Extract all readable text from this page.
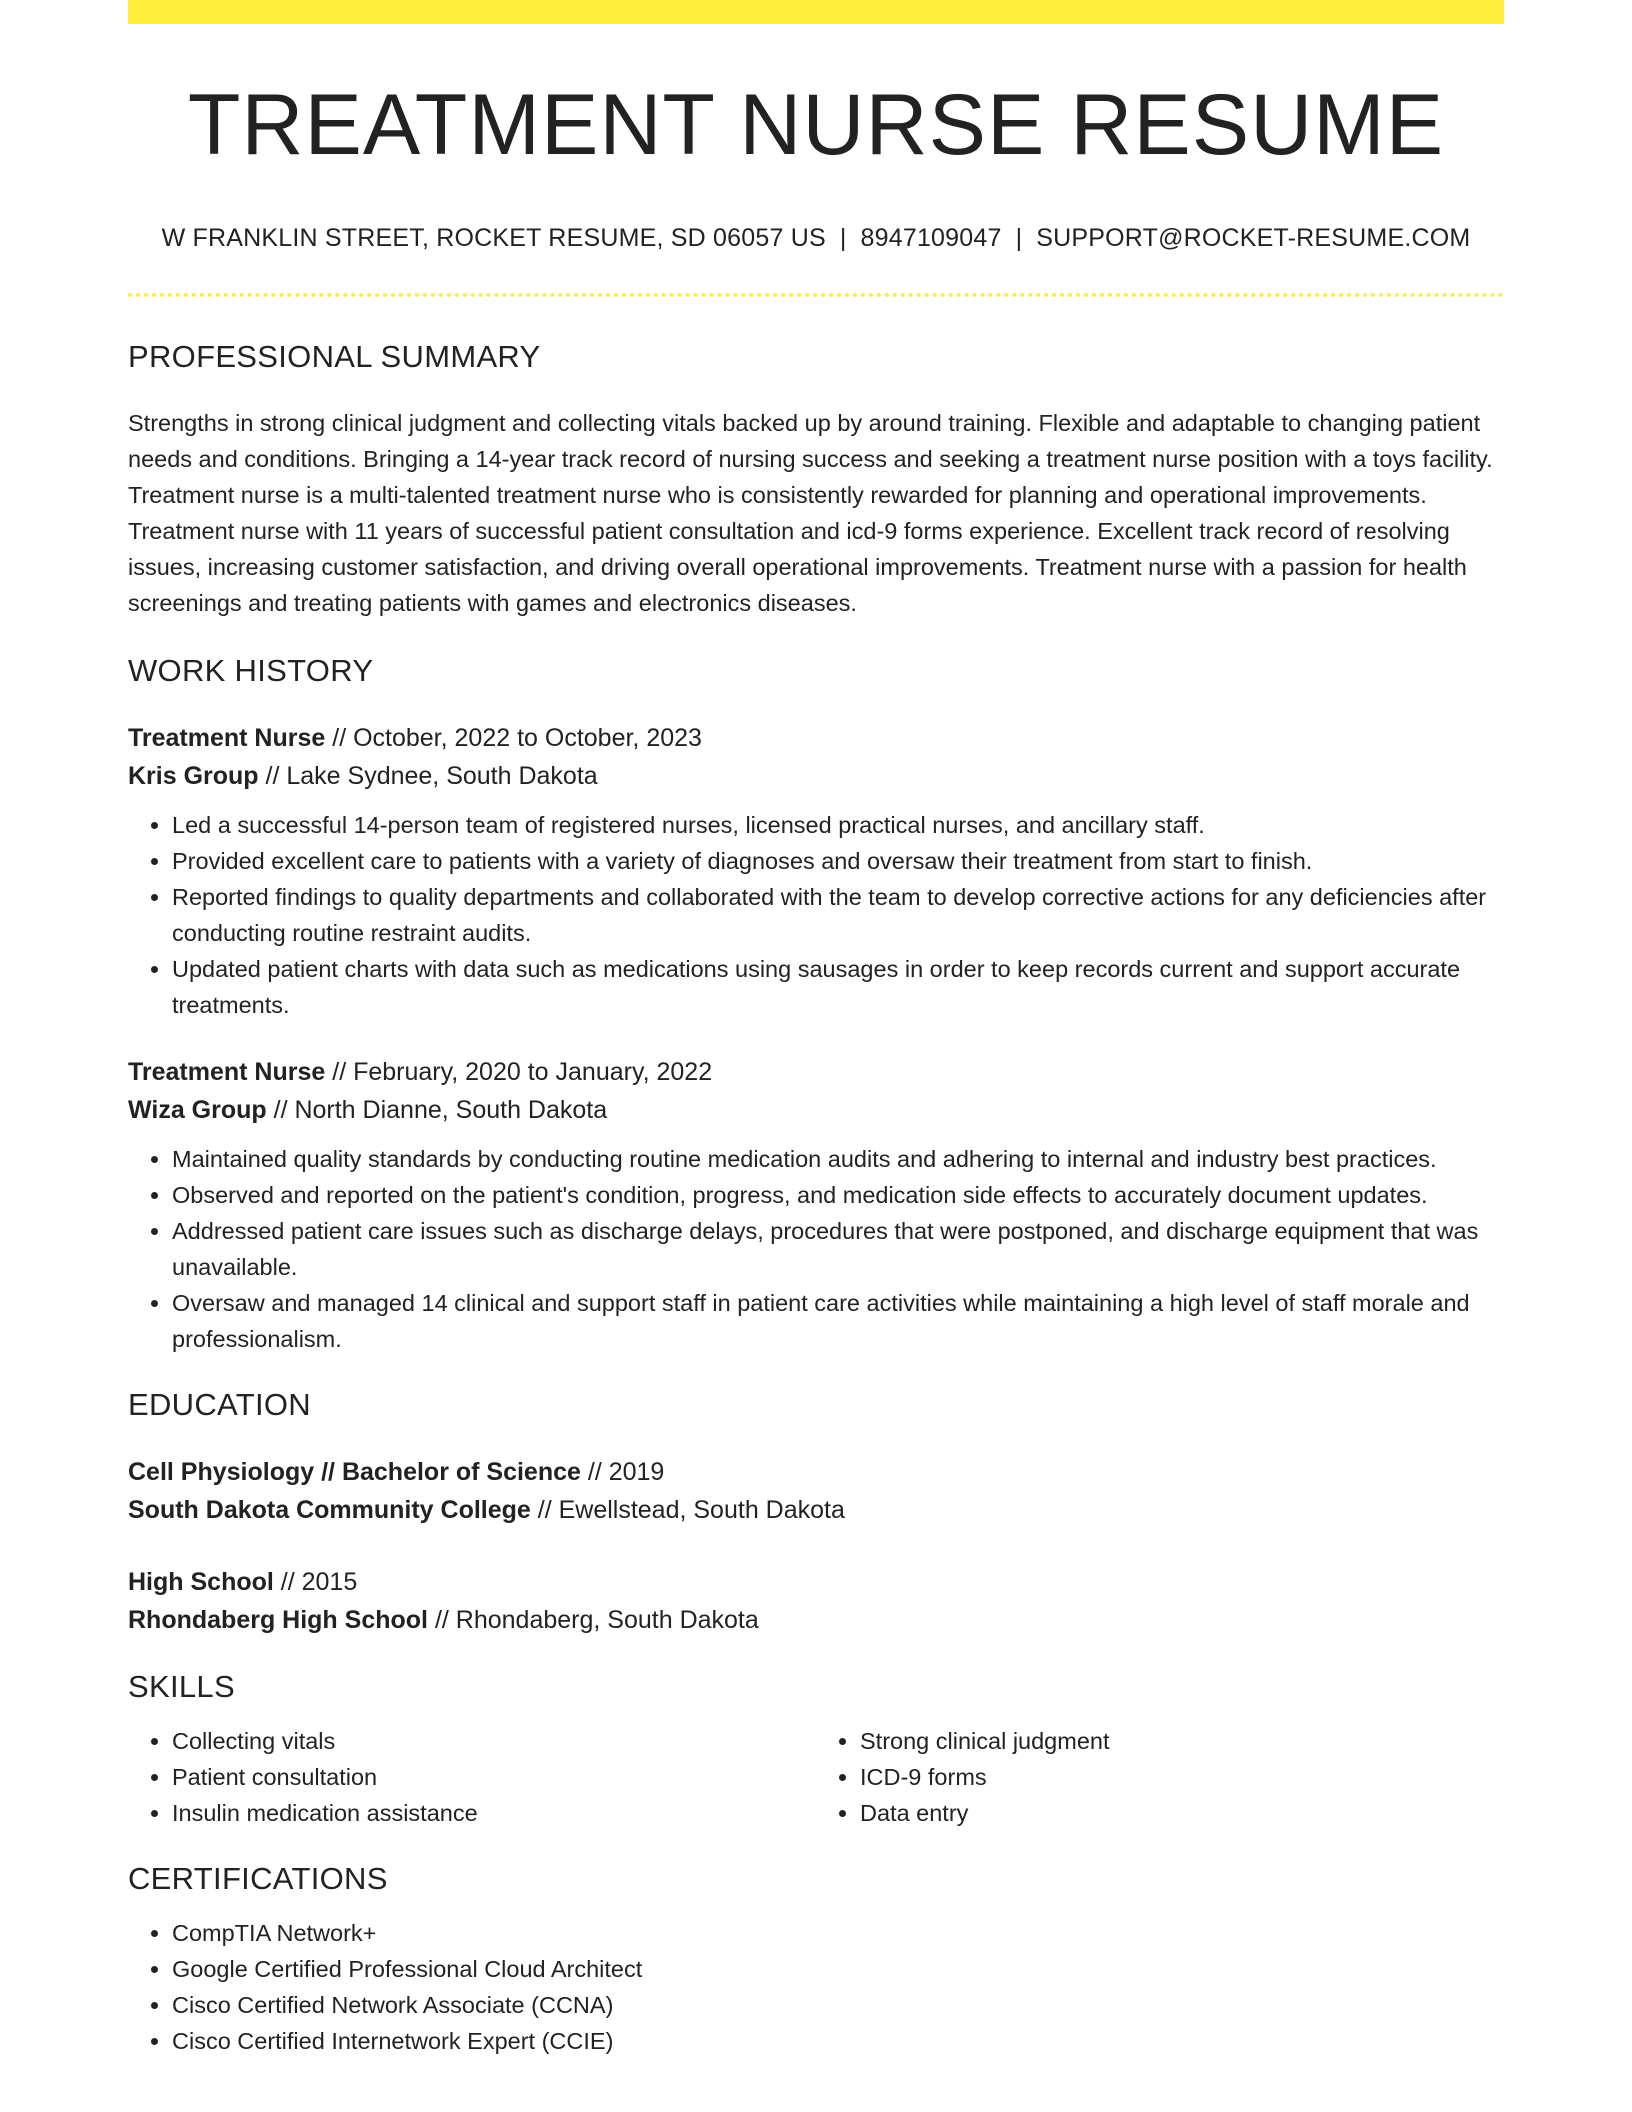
TREATMENT NURSE RESUME
W FRANKLIN STREET, ROCKET RESUME, SD 06057 US | 8947109047 | SUPPORT@ROCKET-RESUME.COM
PROFESSIONAL SUMMARY

Strengths in strong clinical judgment and collecting vitals backed up by around training. Flexible and adaptable to changing patient needs and conditions. Bringing a 14-year track record of nursing success and seeking a treatment nurse position with a toys facility. Treatment nurse is a multi-talented treatment nurse who is consistently rewarded for planning and operational improvements. Treatment nurse with 11 years of successful patient consultation and icd-9 forms experience. Excellent track record of resolving issues, increasing customer satisfaction, and driving overall operational improvements. Treatment nurse with a passion for health screenings and treating patients with games and electronics diseases.

WORK HISTORY
Treatment Nurse // October, 2022 to October, 2023
Kris Group // Lake Sydnee, South Dakota
• Led a successful 14-person team of registered nurses, licensed practical nurses, and ancillary staff.
• Provided excellent care to patients with a variety of diagnoses and oversaw their treatment from start to finish.
• Reported findings to quality departments and collaborated with the team to develop corrective actions for any deficiencies after conducting routine restraint audits.
• Updated patient charts with data such as medications using sausages in order to keep records current and support accurate treatments.
Treatment Nurse // February, 2020 to January, 2022
Wiza Group // North Dianne, South Dakota
• Maintained quality standards by conducting routine medication audits and adhering to internal and industry best practices.
• Observed and reported on the patient's condition, progress, and medication side effects to accurately document updates.
• Addressed patient care issues such as discharge delays, procedures that were postponed, and discharge equipment that was unavailable.
• Oversaw and managed 14 clinical and support staff in patient care activities while maintaining a high level of staff morale and professionalism.
EDUCATION
Cell Physiology // Bachelor of Science // 2019
South Dakota Community College // Ewellstead, South Dakota
High School // 2015
Rhondaberg High School // Rhondaberg, South Dakota
SKILLS
• Collecting vitals
• Patient consultation
• Insulin medication assistance
• Strong clinical judgment
• ICD-9 forms
• Data entry
CERTIFICATIONS
• CompTIA Network+
• Google Certified Professional Cloud Architect
• Cisco Certified Network Associate (CCNA)
• Cisco Certified Internetwork Expert (CCIE)
